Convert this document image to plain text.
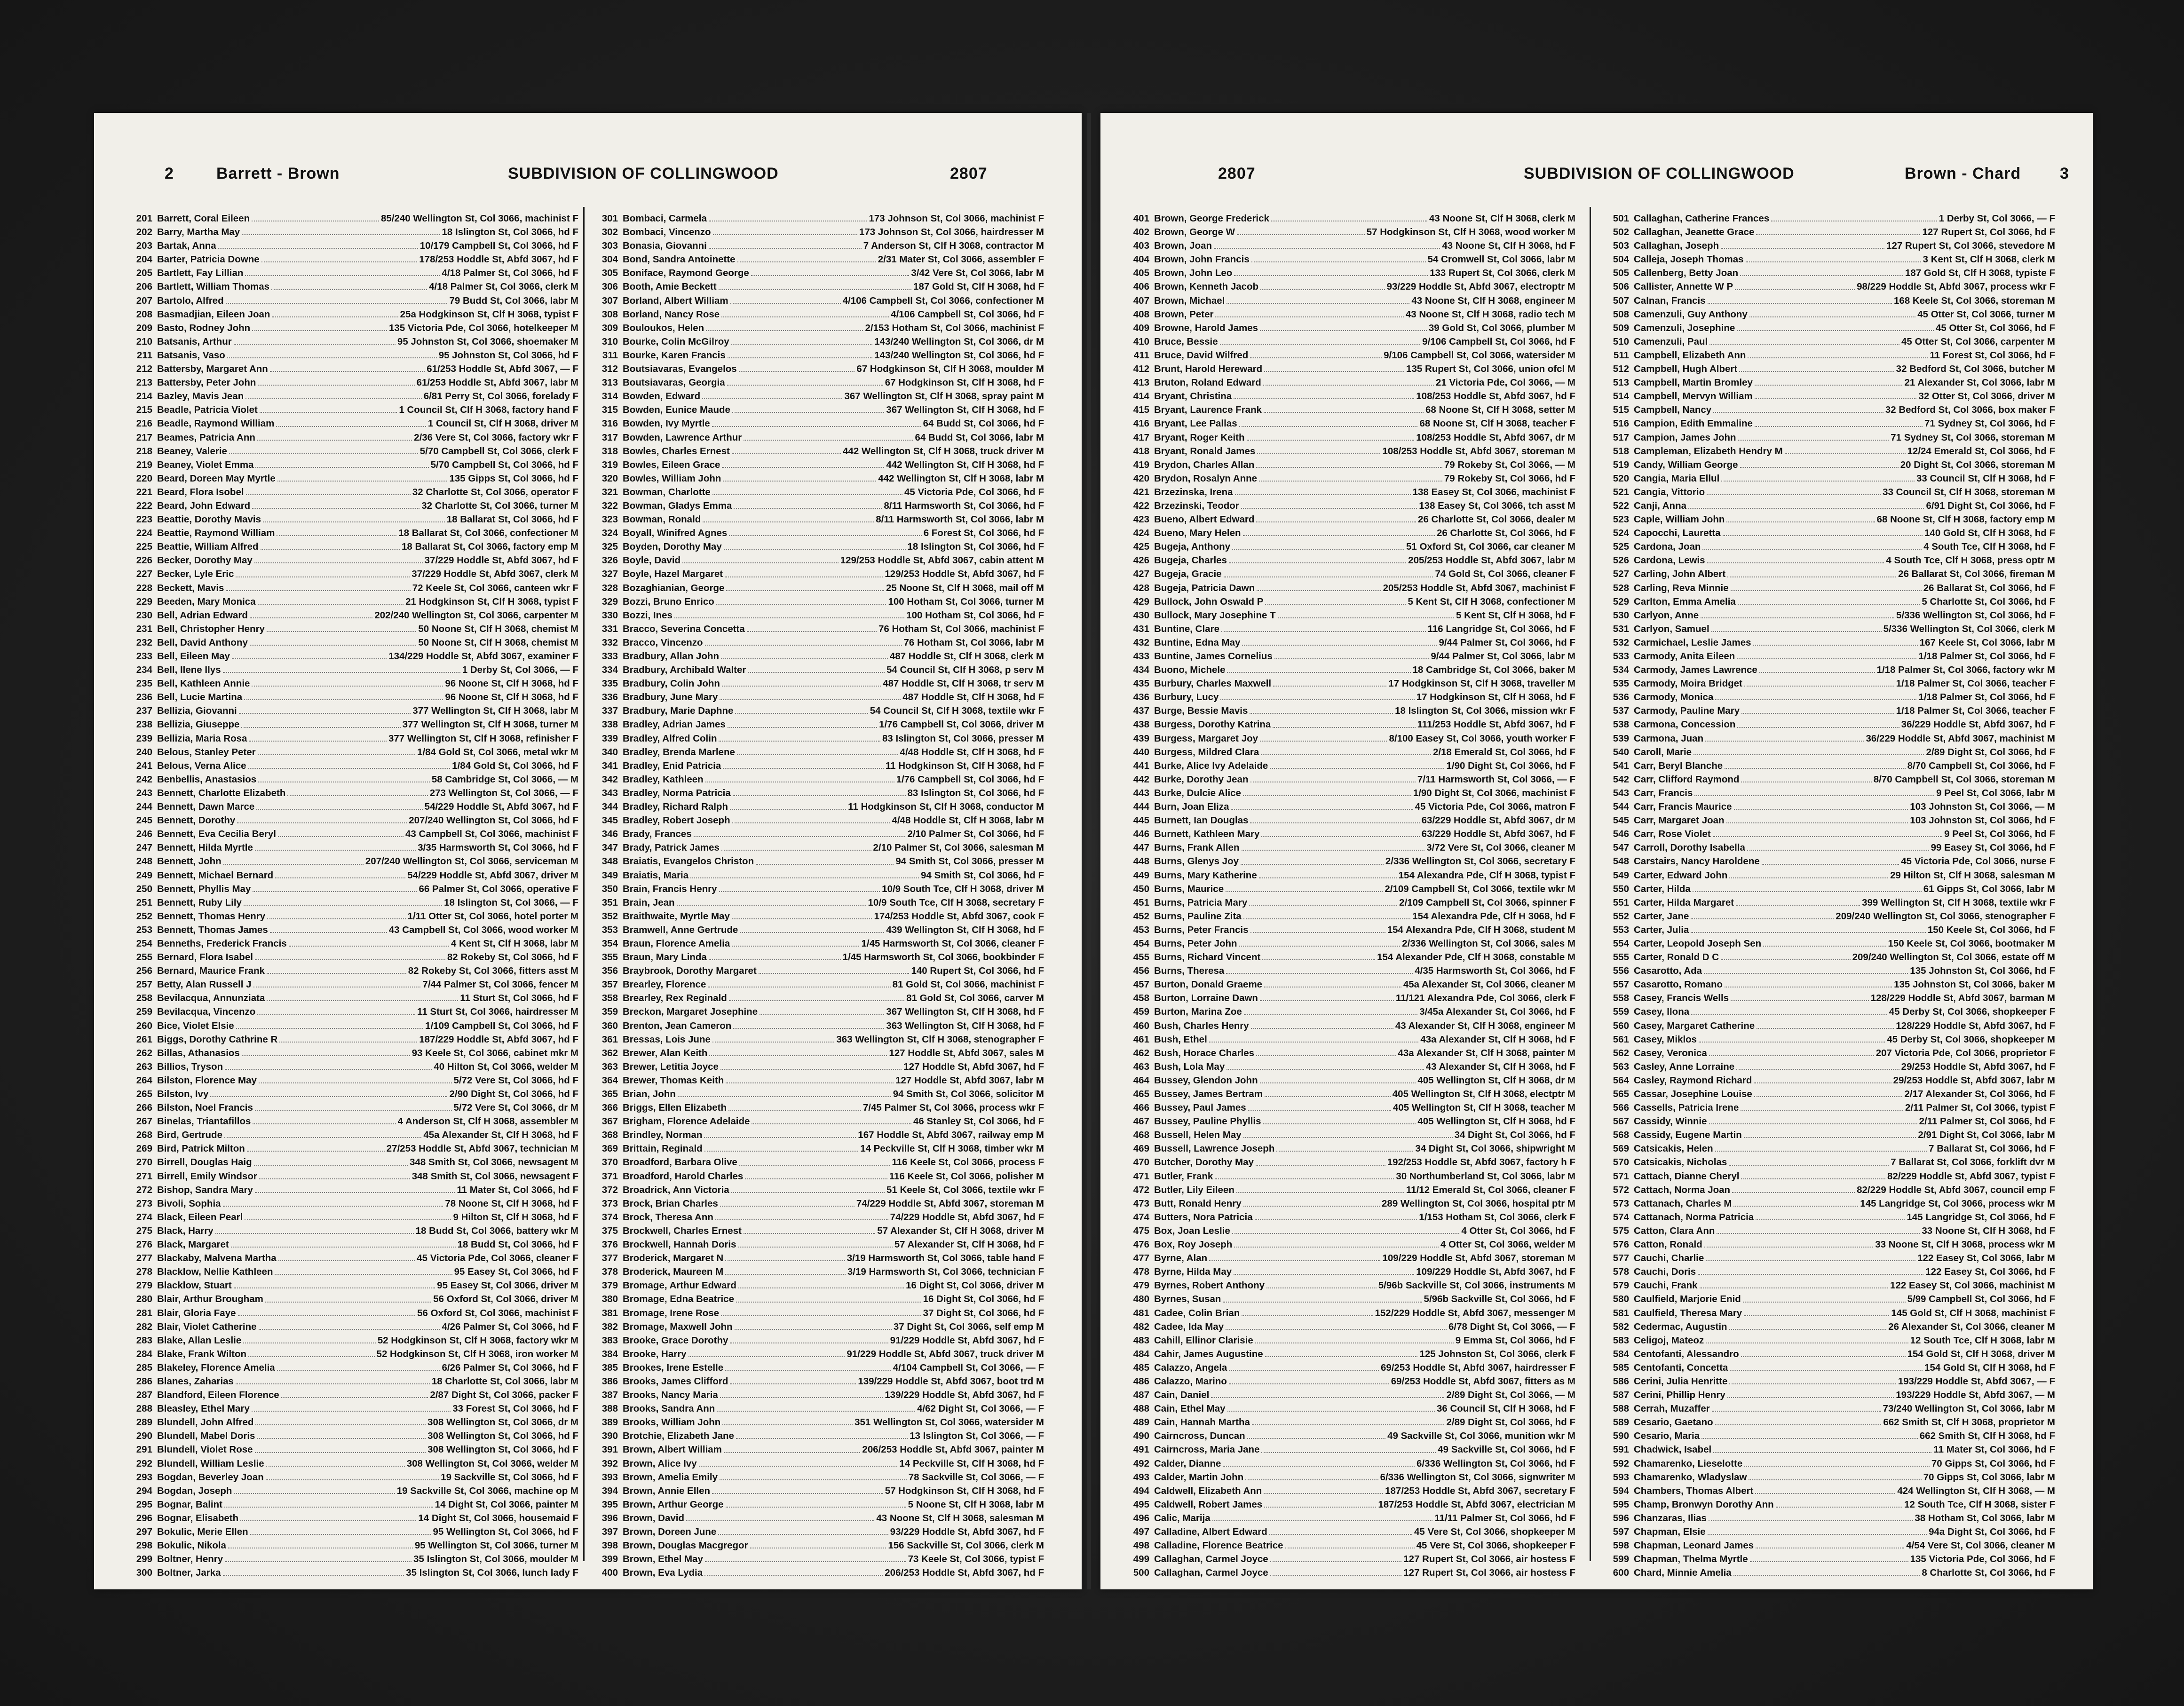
2	Barrett - Brown	SUBDIVISION OF COLLINGWOOD	2807
201 Barrett, Coral Eileen	85/240 Wellington St, Col 3066, machinist F
202 Barry, Martha May	18 Islington St, Col 3066, hd F
203 Bartak, Anna	10/179 Campbell St, Col 3066, hd F
204 Barter, Patricia Downe	178/253 Hoddle St, Abfd 3067, hd F
205 Bartlett, Fay Lillian	4/18 Palmer St, Col 3066, hd F
206 Bartlett, William Thomas	4/18 Palmer St, Col 3066, clerk M
207 Bartolo, Alfred	79 Budd St, Col 3066, labr M
208 Basmadjian, Eileen Joan	25a Hodgkinson St, Clf H 3068, typist F
209 Basto, Rodney John	135 Victoria Pde, Col 3066, hotelkeeper M
210 Batsanis, Arthur	95 Johnston St, Col 3066, shoemaker M
211 Batsanis, Vaso	95 Johnston St, Col 3066, hd F
212 Battersby, Margaret Ann	61/253 Hoddle St, Abfd 3067, — F
213 Battersby, Peter John	61/253 Hoddle St, Abfd 3067, labr M
214 Bazley, Mavis Jean	6/81 Perry St, Col 3066, forelady F
215 Beadle, Patricia Violet	1 Council St, Clf H 3068, factory hand F
216 Beadle, Raymond William	1 Council St, Clf H 3068, driver M
217 Beames, Patricia Ann	2/36 Vere St, Col 3066, factory wkr F
218 Beaney, Valerie	5/70 Campbell St, Col 3066, clerk F
219 Beaney, Violet Emma	5/70 Campbell St, Col 3066, hd F
220 Beard, Doreen May Myrtle	135 Gipps St, Col 3066, hd F
221 Beard, Flora Isobel	32 Charlotte St, Col 3066, operator F
222 Beard, John Edward	32 Charlotte St, Col 3066, turner M
223 Beattie, Dorothy Mavis	18 Ballarat St, Col 3066, hd F
224 Beattie, Raymond William	18 Ballarat St, Col 3066, confectioner M
225 Beattie, William Alfred	18 Ballarat St, Col 3066, factory emp M
226 Becker, Dorothy May	37/229 Hoddle St, Abfd 3067, hd F
227 Becker, Lyle Eric	37/229 Hoddle St, Abfd 3067, clerk M
228 Beckett, Mavis	72 Keele St, Col 3066, canteen wkr F
229 Beeden, Mary Monica	21 Hodgkinson St, Clf H 3068, typist F
230 Bell, Adrian Edward	202/240 Wellington St, Col 3066, carpenter M
231 Bell, Christopher Henry	50 Noone St, Clf H 3068, chemist M
232 Bell, David Anthony	50 Noone St, Clf H 3068, chemist M
233 Bell, Eileen May	134/229 Hoddle St, Abfd 3067, examiner F
234 Bell, Ilene Ilys	1 Derby St, Col 3066, — F
235 Bell, Kathleen Annie	96 Noone St, Clf H 3068, hd F
236 Bell, Lucie Martina	96 Noone St, Clf H 3068, hd F
237 Bellizia, Giovanni	377 Wellington St, Clf H 3068, labr M
238 Bellizia, Giuseppe	377 Wellington St, Clf H 3068, turner M
239 Bellizia, Maria Rosa	377 Wellington St, Clf H 3068, refinisher F
240 Belous, Stanley Peter	1/84 Gold St, Col 3066, metal wkr M
241 Belous, Verna Alice	1/84 Gold St, Col 3066, hd F
242 Benbellis, Anastasios	58 Cambridge St, Col 3066, — M
243 Bennett, Charlotte Elizabeth	273 Wellington St, Col 3066, — F
244 Bennett, Dawn Marce	54/229 Hoddle St, Abfd 3067, hd F
245 Bennett, Dorothy	207/240 Wellington St, Col 3066, hd F
246 Bennett, Eva Cecilia Beryl	43 Campbell St, Col 3066, machinist F
247 Bennett, Hilda Myrtle	3/35 Harmsworth St, Col 3066, hd F
248 Bennett, John	207/240 Wellington St, Col 3066, serviceman M
249 Bennett, Michael Bernard	54/229 Hoddle St, Abfd 3067, driver M
250 Bennett, Phyllis May	66 Palmer St, Col 3066, operative F
251 Bennett, Ruby Lily	18 Islington St, Col 3066, — F
252 Bennett, Thomas Henry	1/11 Otter St, Col 3066, hotel porter M
253 Bennett, Thomas James	43 Campbell St, Col 3066, wood worker M
254 Benneths, Frederick Francis	4 Kent St, Clf H 3068, labr M
255 Bernard, Flora Isabel	82 Rokeby St, Col 3066, hd F
256 Bernard, Maurice Frank	82 Rokeby St, Col 3066, fitters asst M
257 Betty, Alan Russell J	7/44 Palmer St, Col 3066, fencer M
258 Bevilacqua, Annunziata	11 Sturt St, Col 3066, hd F
259 Bevilacqua, Vincenzo	11 Sturt St, Col 3066, hairdresser M
260 Bice, Violet Elsie	1/109 Campbell St, Col 3066, hd F
261 Biggs, Dorothy Cathrine R	187/229 Hoddle St, Abfd 3067, hd F
262 Billas, Athanasios	93 Keele St, Col 3066, cabinet mkr M
263 Billios, Tryson	40 Hilton St, Col 3066, welder M
264 Bilston, Florence May	5/72 Vere St, Col 3066, hd F
265 Bilston, Ivy	2/90 Dight St, Col 3066, hd F
266 Bilston, Noel Francis	5/72 Vere St, Col 3066, dr M
267 Binelas, Triantafillos	4 Anderson St, Clf H 3068, assembler M
268 Bird, Gertrude	45a Alexander St, Clf H 3068, hd F
269 Bird, Patrick Milton	27/253 Hoddle St, Abfd 3067, technician M
270 Birrell, Douglas Haig	348 Smith St, Col 3066, newsagent M
271 Birrell, Emily Windsor	348 Smith St, Col 3066, newsagent F
272 Bishop, Sandra Mary	11 Mater St, Col 3066, hd F
273 Bivoli, Sophia	78 Noone St, Clf H 3068, hd F
274 Black, Eileen Pearl	9 Hilton St, Clf H 3068, hd F
275 Black, Harry	18 Budd St, Col 3066, battery wkr M
276 Black, Margaret	18 Budd St, Col 3066, hd F
277 Blackaby, Malvena Martha	45 Victoria Pde, Col 3066, cleaner F
278 Blacklow, Nellie Kathleen	95 Easey St, Col 3066, hd F
279 Blacklow, Stuart	95 Easey St, Col 3066, driver M
280 Blair, Arthur Brougham	56 Oxford St, Col 3066, driver M
281 Blair, Gloria Faye	56 Oxford St, Col 3066, machinist F
282 Blair, Violet Catherine	4/26 Palmer St, Col 3066, hd F
283 Blake, Allan Leslie	52 Hodgkinson St, Clf H 3068, factory wkr M
284 Blake, Frank Wilton	52 Hodgkinson St, Clf H 3068, iron worker M
285 Blakeley, Florence Amelia	6/26 Palmer St, Col 3066, hd F
286 Blanes, Zaharias	18 Charlotte St, Col 3066, labr M
287 Blandford, Eileen Florence	2/87 Dight St, Col 3066, packer F
288 Bleasley, Ethel Mary	33 Forest St, Col 3066, hd F
289 Blundell, John Alfred	308 Wellington St, Col 3066, dr M
290 Blundell, Mabel Doris	308 Wellington St, Col 3066, hd F
291 Blundell, Violet Rose	308 Wellington St, Col 3066, hd F
292 Blundell, William Leslie	308 Wellington St, Col 3066, welder M
293 Bogdan, Beverley Joan	19 Sackville St, Col 3066, hd F
294 Bogdan, Joseph	19 Sackville St, Col 3066, machine op M
295 Bognar, Balint	14 Dight St, Col 3066, painter M
296 Bognar, Elisabeth	14 Dight St, Col 3066, housemaid F
297 Bokulic, Merie Ellen	95 Wellington St, Col 3066, hd F
298 Bokulic, Nikola	95 Wellington St, Col 3066, turner M
299 Boltner, Henry	35 Islington St, Col 3066, moulder M
300 Boltner, Jarka	35 Islington St, Col 3066, lunch lady F
301 Bombaci, Carmela	173 Johnson St, Col 3066, machinist F
302 Bombaci, Vincenzo	173 Johnson St, Col 3066, hairdresser M
303 Bonasia, Giovanni	7 Anderson St, Clf H 3068, contractor M
304 Bond, Sandra Antoinette	2/31 Mater St, Col 3066, assembler F
305 Boniface, Raymond George	3/42 Vere St, Col 3066, labr M
306 Booth, Amie Beckett	187 Gold St, Clf H 3068, hd F
307 Borland, Albert William	4/106 Campbell St, Col 3066, confectioner M
308 Borland, Nancy Rose	4/106 Campbell St, Col 3066, hd F
309 Bouloukos, Helen	2/153 Hotham St, Col 3066, machinist F
310 Bourke, Colin McGilroy	143/240 Wellington St, Col 3066, dr M
311 Bourke, Karen Francis	143/240 Wellington St, Col 3066, hd F
312 Boutsiavaras, Evangelos	67 Hodgkinson St, Clf H 3068, moulder M
313 Boutsiavaras, Georgia	67 Hodgkinson St, Clf H 3068, hd F
314 Bowden, Edward	367 Wellington St, Clf H 3068, spray paint M
315 Bowden, Eunice Maude	367 Wellington St, Clf H 3068, hd F
316 Bowden, Ivy Myrtle	64 Budd St, Col 3066, hd F
317 Bowden, Lawrence Arthur	64 Budd St, Col 3066, labr M
318 Bowles, Charles Ernest	442 Wellington St, Clf H 3068, truck driver M
319 Bowles, Eileen Grace	442 Wellington St, Clf H 3068, hd F
320 Bowles, William John	442 Wellington St, Clf H 3068, labr M
321 Bowman, Charlotte	45 Victoria Pde, Col 3066, hd F
322 Bowman, Gladys Emma	8/11 Harmsworth St, Col 3066, hd F
323 Bowman, Ronald	8/11 Harmsworth St, Col 3066, labr M
324 Boyall, Winifred Agnes	6 Forest St, Col 3066, hd F
325 Boyden, Dorothy May	18 Islington St, Col 3066, hd F
326 Boyle, David	129/253 Hoddle St, Abfd 3067, cabin attent M
327 Boyle, Hazel Margaret	129/253 Hoddle St, Abfd 3067, hd F
328 Bozaghianian, George	25 Noone St, Clf H 3068, mail off M
329 Bozzi, Bruno Enrico	100 Hotham St, Col 3066, turner M
330 Bozzi, Ines	100 Hotham St, Col 3066, hd F
331 Bracco, Severina Concetta	76 Hotham St, Col 3066, machinist F
332 Bracco, Vincenzo	76 Hotham St, Col 3066, labr M
333 Bradbury, Allan John	487 Hoddle St, Clf H 3068, clerk M
334 Bradbury, Archibald Walter	54 Council St, Clf H 3068, p serv M
335 Bradbury, Colin John	487 Hoddle St, Clf H 3068, tr serv M
336 Bradbury, June Mary	487 Hoddle St, Clf H 3068, hd F
337 Bradbury, Marie Daphne	54 Council St, Clf H 3068, textile wkr F
338 Bradley, Adrian James	1/76 Campbell St, Col 3066, driver M
339 Bradley, Alfred Colin	83 Islington St, Col 3066, presser M
340 Bradley, Brenda Marlene	4/48 Hoddle St, Clf H 3068, hd F
341 Bradley, Enid Patricia	11 Hodgkinson St, Clf H 3068, hd F
342 Bradley, Kathleen	1/76 Campbell St, Col 3066, hd F
343 Bradley, Norma Patricia	83 Islington St, Col 3066, hd F
344 Bradley, Richard Ralph	11 Hodgkinson St, Clf H 3068, conductor M
345 Bradley, Robert Joseph	4/48 Hoddle St, Clf H 3068, labr M
346 Brady, Frances	2/10 Palmer St, Col 3066, hd F
347 Brady, Patrick James	2/10 Palmer St, Col 3066, salesman M
348 Braiatis, Evangelos Christon	94 Smith St, Col 3066, presser M
349 Braiatis, Maria	94 Smith St, Col 3066, hd F
350 Brain, Francis Henry	10/9 South Tce, Clf H 3068, driver M
351 Brain, Jean	10/9 South Tce, Clf H 3068, secretary F
352 Braithwaite, Myrtle May	174/253 Hoddle St, Abfd 3067, cook F
353 Bramwell, Anne Gertrude	439 Wellington St, Clf H 3068, hd F
354 Braun, Florence Amelia	1/45 Harmsworth St, Col 3066, cleaner F
355 Braun, Mary Linda	1/45 Harmsworth St, Col 3066, bookbinder F
356 Braybrook, Dorothy Margaret	140 Rupert St, Col 3066, hd F
357 Brearley, Florence	81 Gold St, Col 3066, machinist F
358 Brearley, Rex Reginald	81 Gold St, Col 3066, carver M
359 Breckon, Margaret Josephine	367 Wellington St, Clf H 3068, hd F
360 Brenton, Jean Cameron	363 Wellington St, Clf H 3068, hd F
361 Bressas, Lois June	363 Wellington St, Clf H 3068, stenographer F
362 Brewer, Alan Keith	127 Hoddle St, Abfd 3067, sales M
363 Brewer, Letitia Joyce	127 Hoddle St, Abfd 3067, hd F
364 Brewer, Thomas Keith	127 Hoddle St, Abfd 3067, labr M
365 Brian, John	94 Smith St, Col 3066, solicitor M
366 Briggs, Ellen Elizabeth	7/45 Palmer St, Col 3066, process wkr F
367 Brigham, Florence Adelaide	46 Stanley St, Col 3066, hd F
368 Brindley, Norman	167 Hoddle St, Abfd 3067, railway emp M
369 Brittain, Reginald	14 Peckville St, Clf H 3068, timber wkr M
370 Broadford, Barbara Olive	116 Keele St, Col 3066, process F
371 Broadford, Harold Charles	116 Keele St, Col 3066, polisher M
372 Broadrick, Ann Victoria	51 Keele St, Col 3066, textile wkr F
373 Brock, Brian Charles	74/229 Hoddle St, Abfd 3067, storeman M
374 Brock, Theresa Ann	74/229 Hoddle St, Abfd 3067, hd F
375 Brockwell, Charles Ernest	57 Alexander St, Clf H 3068, driver M
376 Brockwell, Hannah Doris	57 Alexander St, Clf H 3068, hd F
377 Broderick, Margaret N	3/19 Harmsworth St, Col 3066, table hand F
378 Broderick, Maureen M	3/19 Harmsworth St, Col 3066, technician F
379 Bromage, Arthur Edward	16 Dight St, Col 3066, driver M
380 Bromage, Edna Beatrice	16 Dight St, Col 3066, hd F
381 Bromage, Irene Rose	37 Dight St, Col 3066, hd F
382 Bromage, Maxwell John	37 Dight St, Col 3066, self emp M
383 Brooke, Grace Dorothy	91/229 Hoddle St, Abfd 3067, hd F
384 Brooke, Harry	91/229 Hoddle St, Abfd 3067, truck driver M
385 Brookes, Irene Estelle	4/104 Campbell St, Col 3066, — F
386 Brooks, James Clifford	139/229 Hoddle St, Abfd 3067, boot trd M
387 Brooks, Nancy Maria	139/229 Hoddle St, Abfd 3067, hd F
388 Brooks, Sandra Ann	4/62 Dight St, Col 3066, — F
389 Brooks, William John	351 Wellington St, Col 3066, watersider M
390 Brotchie, Elizabeth Jane	13 Islington St, Col 3066, — F
391 Brown, Albert William	206/253 Hoddle St, Abfd 3067, painter M
392 Brown, Alice Ivy	14 Peckville St, Clf H 3068, hd F
393 Brown, Amelia Emily	78 Sackville St, Col 3066, — F
394 Brown, Annie Ellen	57 Hodgkinson St, Clf H 3068, hd F
395 Brown, Arthur George	5 Noone St, Clf H 3068, labr M
396 Brown, David	43 Noone St, Clf H 3068, salesman M
397 Brown, Doreen June	93/229 Hoddle St, Abfd 3067, hd F
398 Brown, Douglas Macgregor	156 Sackville St, Col 3066, clerk M
399 Brown, Ethel May	73 Keele St, Col 3066, typist F
400 Brown, Eva Lydia	206/253 Hoddle St, Abfd 3067, hd F
2807	SUBDIVISION OF COLLINGWOOD	Brown - Chard 3
401 Brown, George Frederick	43 Noone St, Clf H 3068, clerk M
402 Brown, George W	57 Hodgkinson St, Clf H 3068, wood worker M
403 Brown, Joan	43 Noone St, Clf H 3068, hd F
404 Brown, John Francis	54 Cromwell St, Col 3066, labr M
405 Brown, John Leo	133 Rupert St, Col 3066, clerk M
406 Brown, Kenneth Jacob	93/229 Hoddle St, Abfd 3067, electroptr M
407 Brown, Michael	43 Noone St, Clf H 3068, engineer M
408 Brown, Peter	43 Noone St, Clf H 3068, radio tech M
409 Browne, Harold James	39 Gold St, Col 3066, plumber M
410 Bruce, Bessie	9/106 Campbell St, Col 3066, hd F
411 Bruce, David Wilfred	9/106 Campbell St, Col 3066, watersider M
412 Brunt, Harold Hereward	135 Rupert St, Col 3066, union ofcl M
413 Bruton, Roland Edward	21 Victoria Pde, Col 3066, — M
414 Bryant, Christina	108/253 Hoddle St, Abfd 3067, hd F
415 Bryant, Laurence Frank	68 Noone St, Clf H 3068, setter M
416 Bryant, Lee Pallas	68 Noone St, Clf H 3068, teacher F
417 Bryant, Roger Keith	108/253 Hoddle St, Abfd 3067, dr M
418 Bryant, Ronald James	108/253 Hoddle St, Abfd 3067, storeman M
419 Brydon, Charles Allan	79 Rokeby St, Col 3066, — M
420 Brydon, Rosalyn Anne	79 Rokeby St, Col 3066, hd F
421 Brzezinska, Irena	138 Easey St, Col 3066, machinist F
422 Brzezinski, Teodor	138 Easey St, Col 3066, tch asst M
423 Bueno, Albert Edward	26 Charlotte St, Col 3066, dealer M
424 Bueno, Mary Helen	26 Charlotte St, Col 3066, hd F
425 Bugeja, Anthony	51 Oxford St, Col 3066, car cleaner M
426 Bugeja, Charles	205/253 Hoddle St, Abfd 3067, labr M
427 Bugeja, Gracie	74 Gold St, Col 3066, cleaner F
428 Bugeja, Patricia Dawn	205/253 Hoddle St, Abfd 3067, machinist F
429 Bullock, John Oswald P	5 Kent St, Clf H 3068, confectioner M
430 Bullock, Mary Josephine T	5 Kent St, Clf H 3068, hd F
431 Buntine, Clare	116 Langridge St, Col 3066, hd F
432 Buntine, Edna May	9/44 Palmer St, Col 3066, hd F
433 Buntine, James Cornelius	9/44 Palmer St, Col 3066, labr M
434 Buono, Michele	18 Cambridge St, Col 3066, baker M
435 Burbury, Charles Maxwell	17 Hodgkinson St, Clf H 3068, traveller M
436 Burbury, Lucy	17 Hodgkinson St, Clf H 3068, hd F
437 Burge, Bessie Mavis	18 Islington St, Col 3066, mission wkr F
438 Burgess, Dorothy Katrina	111/253 Hoddle St, Abfd 3067, hd F
439 Burgess, Margaret Joy	8/100 Easey St, Col 3066, youth worker F
440 Burgess, Mildred Clara	2/18 Emerald St, Col 3066, hd F
441 Burke, Alice Ivy Adelaide	1/90 Dight St, Col 3066, hd F
442 Burke, Dorothy Jean	7/11 Harmsworth St, Col 3066, — F
443 Burke, Dulcie Alice	1/90 Dight St, Col 3066, machinist F
444 Burn, Joan Eliza	45 Victoria Pde, Col 3066, matron F
445 Burnett, Ian Douglas	63/229 Hoddle St, Abfd 3067, dr M
446 Burnett, Kathleen Mary	63/229 Hoddle St, Abfd 3067, hd F
447 Burns, Frank Allen	3/72 Vere St, Col 3066, cleaner M
448 Burns, Glenys Joy	2/336 Wellington St, Col 3066, secretary F
449 Burns, Mary Katherine	154 Alexandra Pde, Clf H 3068, typist F
450 Burns, Maurice	2/109 Campbell St, Col 3066, textile wkr M
451 Burns, Patricia Mary	2/109 Campbell St, Col 3066, spinner F
452 Burns, Pauline Zita	154 Alexandra Pde, Clf H 3068, hd F
453 Burns, Peter Francis	154 Alexandra Pde, Clf H 3068, student M
454 Burns, Peter John	2/336 Wellington St, Col 3066, sales M
455 Burns, Richard Vincent	154 Alexander Pde, Clf H 3068, constable M
456 Burns, Theresa	4/35 Harmsworth St, Col 3066, hd F
457 Burton, Donald Graeme	45a Alexander St, Col 3066, cleaner M
458 Burton, Lorraine Dawn	11/121 Alexandra Pde, Col 3066, clerk F
459 Burton, Marina Zoe	3/45a Alexander St, Col 3066, hd F
460 Bush, Charles Henry	43 Alexander St, Clf H 3068, engineer M
461 Bush, Ethel	43a Alexander St, Clf H 3068, hd F
462 Bush, Horace Charles	43a Alexander St, Clf H 3068, painter M
463 Bush, Lola May	43 Alexander St, Clf H 3068, hd F
464 Bussey, Glendon John	405 Wellington St, Clf H 3068, dr M
465 Bussey, James Bertram	405 Wellington St, Clf H 3068, electptr M
466 Bussey, Paul James	405 Wellington St, Clf H 3068, teacher M
467 Bussey, Pauline Phyllis	405 Wellington St, Clf H 3068, hd F
468 Bussell, Helen May	34 Dight St, Col 3066, hd F
469 Bussell, Lawrence Joseph	34 Dight St, Col 3066, shipwright M
470 Butcher, Dorothy May	192/253 Hoddle St, Abfd 3067, factory h F
471 Butler, Frank	30 Northumberland St, Col 3066, labr M
472 Butler, Lily Eileen	11/12 Emerald St, Col 3066, cleaner F
473 Butt, Ronald Henry	289 Wellington St, Col 3066, hospital ptr M
474 Butters, Nora Patricia	1/153 Hotham St, Col 3066, clerk F
475 Box, Joan Leslie	4 Otter St, Col 3066, hd F
476 Box, Roy Joseph	4 Otter St, Col 3066, welder M
477 Byrne, Alan	109/229 Hoddle St, Abfd 3067, storeman M
478 Byrne, Hilda May	109/229 Hoddle St, Abfd 3067, hd F
479 Byrnes, Robert Anthony	5/96b Sackville St, Col 3066, instruments M
480 Byrnes, Susan	5/96b Sackville St, Col 3066, hd F
481 Cadee, Colin Brian	152/229 Hoddle St, Abfd 3067, messenger M
482 Cadee, Ida May	6/78 Dight St, Col 3066, — F
483 Cahill, Ellinor Clarisie	9 Emma St, Col 3066, hd F
484 Cahir, James Augustine	125 Johnston St, Col 3066, clerk F
485 Calazzo, Angela	69/253 Hoddle St, Abfd 3067, hairdresser F
486 Calazzo, Marino	69/253 Hoddle St, Abfd 3067, fitters as M
487 Cain, Daniel	2/89 Dight St, Col 3066, — M
488 Cain, Ethel May	36 Council St, Clf H 3068, hd F
489 Cain, Hannah Martha	2/89 Dight St, Col 3066, hd F
490 Cairncross, Duncan	49 Sackville St, Col 3066, munition wkr M
491 Cairncross, Maria Jane	49 Sackville St, Col 3066, hd F
492 Calder, Dianne	6/336 Wellington St, Col 3066, hd F
493 Calder, Martin John	6/336 Wellington St, Col 3066, signwriter M
494 Caldwell, Elizabeth Ann	187/253 Hoddle St, Abfd 3067, secretary F
495 Caldwell, Robert James	187/253 Hoddle St, Abfd 3067, electrician M
496 Calic, Marija	11/11 Palmer St, Col 3066, hd F
497 Calladine, Albert Edward	45 Vere St, Col 3066, shopkeeper M
498 Calladine, Florence Beatrice	45 Vere St, Col 3066, shopkeeper F
499 Callaghan, Carmel Joyce	127 Rupert St, Col 3066, air hostess F
500 Callaghan, Carmel Joyce	127 Rupert St, Col 3066, air hostess F
501 Callaghan, Catherine Frances	1 Derby St, Col 3066, — F
502 Callaghan, Jeanette Grace	127 Rupert St, Col 3066, hd F
503 Callaghan, Joseph	127 Rupert St, Col 3066, stevedore M
504 Calleja, Joseph Thomas	3 Kent St, Clf H 3068, clerk M
505 Callenberg, Betty Joan	187 Gold St, Clf H 3068, typiste F
506 Callister, Annette W P	98/229 Hoddle St, Abfd 3067, process wkr F
507 Calnan, Francis	168 Keele St, Col 3066, storeman M
508 Camenzuli, Guy Anthony	45 Otter St, Col 3066, turner M
509 Camenzuli, Josephine	45 Otter St, Col 3066, hd F
510 Camenzuli, Paul	45 Otter St, Col 3066, carpenter M
511 Campbell, Elizabeth Ann	11 Forest St, Col 3066, hd F
512 Campbell, Hugh Albert	32 Bedford St, Col 3066, butcher M
513 Campbell, Martin Bromley	21 Alexander St, Col 3066, labr M
514 Campbell, Mervyn William	32 Otter St, Col 3066, driver M
515 Campbell, Nancy	32 Bedford St, Col 3066, box maker F
516 Campion, Edith Emmaline	71 Sydney St, Col 3066, hd F
517 Campion, James John	71 Sydney St, Col 3066, storeman M
518 Campleman, Elizabeth Hendry M	12/24 Emerald St, Col 3066, hd F
519 Candy, William George	20 Dight St, Col 3066, storeman M
520 Cangia, Maria Ellul	33 Council St, Clf H 3068, hd F
521 Cangia, Vittorio	33 Council St, Clf H 3068, storeman M
522 Canji, Anna	6/91 Dight St, Col 3066, hd F
523 Caple, William John	68 Noone St, Clf H 3068, factory emp M
524 Capocchi, Lauretta	140 Gold St, Clf H 3068, hd F
525 Cardona, Joan	4 South Tce, Clf H 3068, hd F
526 Cardona, Lewis	4 South Tce, Clf H 3068, press optr M
527 Carling, John Albert	26 Ballarat St, Col 3066, fireman M
528 Carling, Reva Minnie	26 Ballarat St, Col 3066, hd F
529 Carlton, Emma Amelia	5 Charlotte St, Col 3066, hd F
530 Carlyon, Anne	5/336 Wellington St, Col 3066, hd F
531 Carlyon, Samuel	5/336 Wellington St, Col 3066, clerk M
532 Carmichael, Leslie James	167 Keele St, Col 3066, labr M
533 Carmody, Anita Eileen	1/18 Palmer St, Col 3066, hd F
534 Carmody, James Lawrence	1/18 Palmer St, Col 3066, factory wkr M
535 Carmody, Moira Bridget	1/18 Palmer St, Col 3066, teacher F
536 Carmody, Monica	1/18 Palmer St, Col 3066, hd F
537 Carmody, Pauline Mary	1/18 Palmer St, Col 3066, teacher F
538 Carmona, Concession	36/229 Hoddle St, Abfd 3067, hd F
539 Carmona, Juan	36/229 Hoddle St, Abfd 3067, machinist M
540 Caroll, Marie	2/89 Dight St, Col 3066, hd F
541 Carr, Beryl Blanche	8/70 Campbell St, Col 3066, hd F
542 Carr, Clifford Raymond	8/70 Campbell St, Col 3066, storeman M
543 Carr, Francis	9 Peel St, Col 3066, labr M
544 Carr, Francis Maurice	103 Johnston St, Col 3066, — M
545 Carr, Margaret Joan	103 Johnston St, Col 3066, hd F
546 Carr, Rose Violet	9 Peel St, Col 3066, hd F
547 Carroll, Dorothy Isabella	99 Easey St, Col 3066, hd F
548 Carstairs, Nancy Haroldene	45 Victoria Pde, Col 3066, nurse F
549 Carter, Edward John	29 Hilton St, Clf H 3068, salesman M
550 Carter, Hilda	61 Gipps St, Col 3066, labr M
551 Carter, Hilda Margaret	399 Wellington St, Clf H 3068, textile wkr F
552 Carter, Jane	209/240 Wellington St, Col 3066, stenographer F
553 Carter, Julia	150 Keele St, Col 3066, hd F
554 Carter, Leopold Joseph Sen	150 Keele St, Col 3066, bootmaker M
555 Carter, Ronald D C	209/240 Wellington St, Col 3066, estate off M
556 Casarotto, Ada	135 Johnston St, Col 3066, hd F
557 Casarotto, Romano	135 Johnston St, Col 3066, baker M
558 Casey, Francis Wells	128/229 Hoddle St, Abfd 3067, barman M
559 Casey, Ilona	45 Derby St, Col 3066, shopkeeper F
560 Casey, Margaret Catherine	128/229 Hoddle St, Abfd 3067, hd F
561 Casey, Miklos	45 Derby St, Col 3066, shopkeeper M
562 Casey, Veronica	207 Victoria Pde, Col 3066, proprietor F
563 Casley, Anne Lorraine	29/253 Hoddle St, Abfd 3067, hd F
564 Casley, Raymond Richard	29/253 Hoddle St, Abfd 3067, labr M
565 Cassar, Josephine Louise	2/17 Alexander St, Col 3066, hd F
566 Cassells, Patricia Irene	2/11 Palmer St, Col 3066, typist F
567 Cassidy, Winnie	2/11 Palmer St, Col 3066, hd F
568 Cassidy, Eugene Martin	2/91 Dight St, Col 3066, labr M
569 Catsicakis, Helen	7 Ballarat St, Col 3066, hd F
570 Catsicakis, Nicholas	7 Ballarat St, Col 3066, forklift dvr M
571 Cattach, Dianne Cheryl	82/229 Hoddle St, Abfd 3067, typist F
572 Cattach, Norma Joan	82/229 Hoddle St, Abfd 3067, council emp F
573 Cattanach, Charles M	145 Langridge St, Col 3066, process wkr M
574 Cattanach, Norma Patricia	145 Langridge St, Col 3066, hd F
575 Catton, Clara Ann	33 Noone St, Clf H 3068, hd F
576 Catton, Ronald	33 Noone St, Clf H 3068, process wkr M
577 Cauchi, Charlie	122 Easey St, Col 3066, labr M
578 Cauchi, Doris	122 Easey St, Col 3066, hd F
579 Cauchi, Frank	122 Easey St, Col 3066, machinist M
580 Caulfield, Marjorie Enid	5/99 Campbell St, Col 3066, hd F
581 Caulfield, Theresa Mary	145 Gold St, Clf H 3068, machinist F
582 Cedermac, Augustin	26 Alexander St, Col 3066, cleaner M
583 Celigoj, Mateoz	12 South Tce, Clf H 3068, labr M
584 Centofanti, Alessandro	154 Gold St, Clf H 3068, driver M
585 Centofanti, Concetta	154 Gold St, Clf H 3068, hd F
586 Cerini, Julia Henritte	193/229 Hoddle St, Abfd 3067, — F
587 Cerini, Phillip Henry	193/229 Hoddle St, Abfd 3067, — M
588 Cerrah, Muzaffer	73/240 Wellington St, Col 3066, labr M
589 Cesario, Gaetano	662 Smith St, Clf H 3068, proprietor M
590 Cesario, Maria	662 Smith St, Clf H 3068, hd F
591 Chadwick, Isabel	11 Mater St, Col 3066, hd F
592 Chamarenko, Lieselotte	70 Gipps St, Col 3066, hd F
593 Chamarenko, Wladyslaw	70 Gipps St, Col 3066, labr M
594 Chambers, Thomas Albert	424 Wellington St, Clf H 3068, — M
595 Champ, Bronwyn Dorothy Ann	12 South Tce, Clf H 3068, sister F
596 Chanzaras, Ilias	38 Hotham St, Col 3066, labr M
597 Chapman, Elsie	94a Dight St, Col 3066, hd F
598 Chapman, Leonard James	4/54 Vere St, Col 3066, cleaner M
599 Chapman, Thelma Myrtle	135 Victoria Pde, Col 3066, hd F
600 Chard, Minnie Amelia	8 Charlotte St, Col 3066, hd F
